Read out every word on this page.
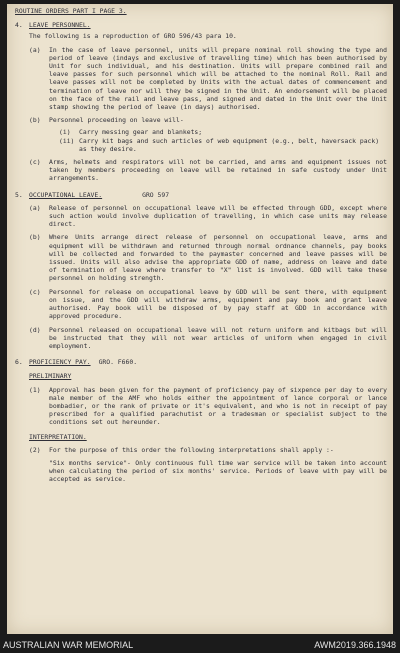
ROUTINE ORDERS PART I PAGE 3.
4. LEAVE PERSONNEL.
The following is a reproduction of GRO 596/43 para 10.
(a)	In the case of leave personnel, units will prepare nominal roll showing the type and period of leave (indays and exclusive of travelling time) which has been authorised by Unit for such individual, and his destination. Units will prepare combined rail and leave passes for such personnel which will be attached to the nominal Roll. Rail and leave passes will not be completed by Units with the actual dates of commencement and termination of leave nor will they be signed in the Unit. An endorsement will be placed on the face of the rail and leave pass, and signed and dated in the Unit over the Unit stamp showing the period of leave (in days) authorised.
(b)	Personnel proceeding on leave will-
(i)	Carry messing gear and blankets;
(ii) Carry kit bags and such articles of web equipment (e.g., belt, haversack pack) as they desire.
(c)	Arms, helmets and respirators will not be carried, and arms and equipment issues not taken by members proceeding on leave will be retained in safe custody under Unit arrangements.
5. OCCUPATIONAL LEAVE.	GRO 597
(a)	Release of personnel on occupational leave will be effected through GDD, except where such action would involve duplication of travelling, in which case units may release direct.
(b)	Where Units arrange direct release of personnel on occupational leave, arms and equipment will be withdrawn and returned through normal ordnance channels, pay books will be collected and forwarded to the paymaster concerned and leave passes will be issued. Units will also advise the appropriate GDD of name, address on leave and date of termination of leave where transfer to "X" list is involved. GDD will take these personnel on holding strength.
(c)	Personnel for release on occupational leave by GDD will be sent there, with equipment on issue, and the GDD will withdraw arms, equipment and pay book and grant leave authorised. Pay book will be disposed of by pay staff at GDD in accordance with approved procedure.
(d)	Personnel released on occupational leave will not return uniform and kitbags but will be instructed that they will not wear articles of uniform when engaged in civil employment.
6. PROFICIENCY PAY. GRO. F660.
PRELIMINARY
(1)	Approval has been given for the payment of proficiency pay of sixpence per day to every male member of the AMF who holds either the appointment of lance corporal or lance bombadier, or the rank of private or it's equivalent, and who is not in receipt of pay prescribed for a qualified parachutist or a tradesman or specialist subject to the conditions set out hereunder.
INTERPRETATION.
(2)	For the purpose of this order the following interpretations shall apply :-
"Six months service"- Only continuous full time war service will be taken into account when calculating the period of six months' service. Periods of leave with pay will be accepted as service.
AUSTRALIAN WAR MEMORIAL	AWM2019.366.1948
